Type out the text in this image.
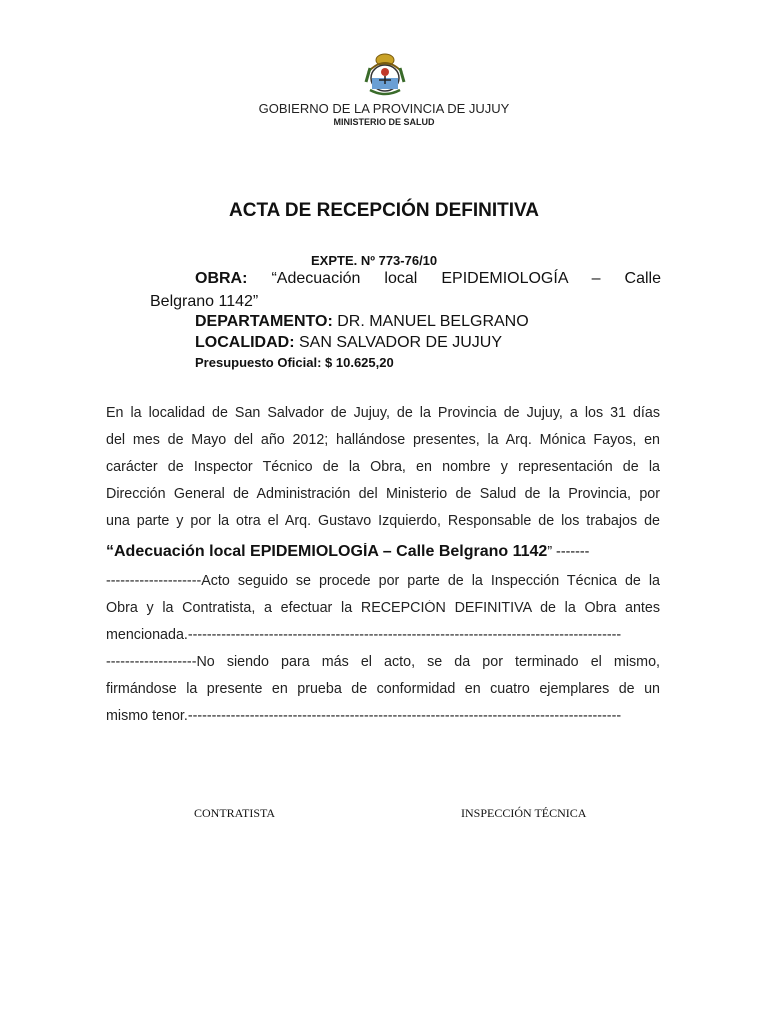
GOBIERNO DE LA PROVINCIA DE JUJUY
MINISTERIO DE SALUD
ACTA DE RECEPCIÓN DEFINITIVA
EXPTE. Nº 773-76/10
OBRA: “Adecuación local EPIDEMIOLOGÍA – Calle
Belgrano 1142”
DEPARTAMENTO: DR. MANUEL BELGRANO
LOCALIDAD: SAN SALVADOR DE JUJUY
Presupuesto Oficial: $ 10.625,20
En la localidad de San Salvador de Jujuy, de la Provincia de Jujuy, a los 31 días
del mes de Mayo del año 2012; hallándose presentes, la Arq. Mónica Fayos, en
carácter de Inspector Técnico de la Obra, en nombre y representación de la
Dirección General de Administración del Ministerio de Salud de la Provincia, por
una parte y por la otra el Arq. Gustavo Izquierdo, Responsable de los trabajos de
“Adecuación local EPIDEMIOLOGÍA – Calle Belgrano 1142” -------
--------------------Acto seguido se procede por parte de la Inspección Técnica de la
Obra y la Contratista, a efectuar la RECEPCIÓN DEFINITIVA de la Obra antes
mencionada.-------------------------------------------------------------------------------------------
-------------------No siendo para más el acto, se da por terminado el mismo,
firmándose la presente en prueba de conformidad en cuatro ejemplares de un
mismo tenor.-------------------------------------------------------------------------------------------
CONTRATISTA	INSPECCIÓN TÉCNICA
